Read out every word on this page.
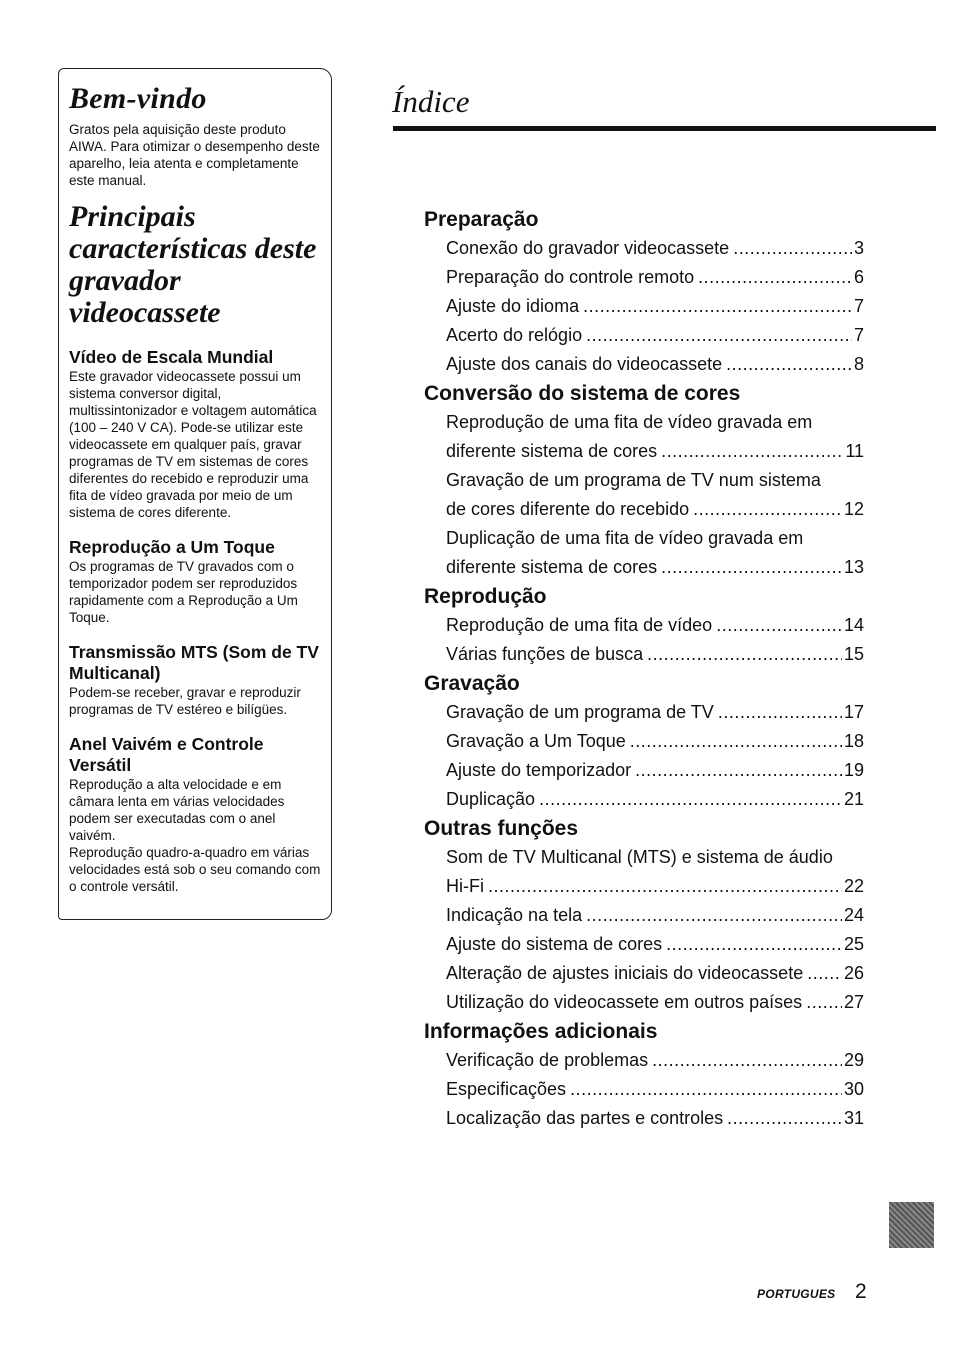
Bem-vindo

Gratos pela aquisição deste produto AIWA. Para otimizar o desempenho deste aparelho, leia atenta e completamente este manual.

Principais características deste gravador videocassete
Vídeo de Escala Mundial

Este gravador videocassete possui um sistema conversor digital, multissintonizador e voltagem automática (100 – 240 V CA). Pode-se utilizar este videocassete em qualquer país, gravar programas de TV em sistemas de cores diferentes do recebido e reproduzir uma fita de vídeo gravada por meio de um sistema de cores diferente.

Reprodução a Um Toque

Os programas de TV gravados com o temporizador podem ser reproduzidos rapidamente com a Reprodução a Um Toque.

Transmissão MTS (Som de TV Multicanal)

Podem-se receber, gravar e reproduzir programas de TV estéreo e bilígües.

Anel Vaivém e Controle Versátil

Reprodução a alta velocidade e em câmara lenta em várias velocidades podem ser executadas com o anel vaivém.

Reprodução quadro-a-quadro em várias velocidades está sob o seu comando com o controle versátil.

Índice
Preparação
Conexão do gravador videocassete .....	3
Preparação do controle remoto .....	6
Ajuste do idioma .....	7
Acerto do relógio .....	7
Ajuste dos canais do videocassete .....	8
Conversão do sistema de cores
Reprodução de uma fita de vídeo gravada em
diferente sistema de cores .....	11
Gravação de um programa de TV num sistema
de cores diferente do recebido .....	12
Duplicação de uma fita de vídeo gravada em
diferente sistema de cores .....	13
Reprodução
Reprodução de uma fita de vídeo .....	14
Várias funções de busca .....	15
Gravação
Gravação de um programa de TV .....	17
Gravação a Um Toque .....	18
Ajuste do temporizador .....	19
Duplicação .....	21
Outras funções
Som de TV Multicanal (MTS) e sistema de áudio
Hi-Fi .....	22
Indicação na tela .....	24
Ajuste do sistema de cores .....	25
Alteração de ajustes iniciais do videocassete ..... 26
Utilização do videocassete em outros países ..... 27
Informações adicionais
Verificação de problemas .....	29
Especificações .....	30
Localização das partes e controles .....	31
PORTUGUES 2
